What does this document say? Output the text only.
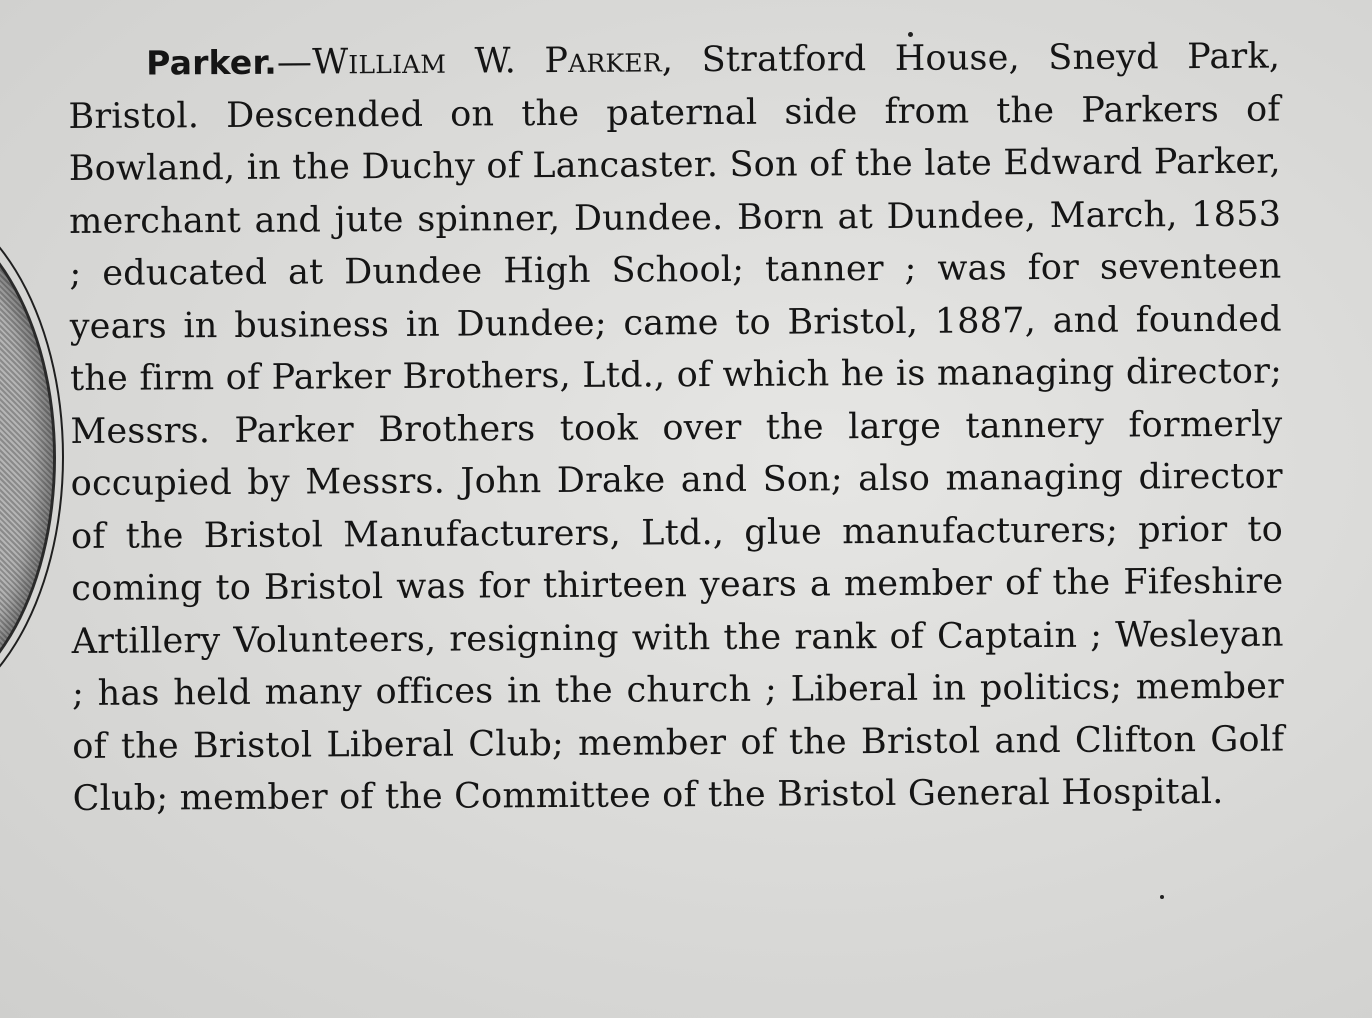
Parker.—William W. Parker, Stratford House, Sneyd Park, Bristol. Descended on the paternal side from the Parkers of Bowland, in the Duchy of Lancaster. Son of the late Edward Parker, merchant and jute spinner, Dundee. Born at Dundee, March, 1853 ; educated at Dundee High School; tanner ; was for seventeen years in business in Dundee; came to Bristol, 1887, and founded the firm of Parker Brothers, Ltd., of which he is managing director; Messrs. Parker Brothers took over the large tannery formerly occupied by Messrs. John Drake and Son; also managing director of the Bristol Manufacturers, Ltd., glue manufacturers; prior to coming to Bristol was for thirteen years a member of the Fifeshire Artillery Volunteers, resigning with the rank of Captain ; Wesleyan ; has held many offices in the church ; Liberal in politics; member of the Bristol Liberal Club; member of the Bristol and Clifton Golf Club; member of the Committee of the Bristol General Hospital.
